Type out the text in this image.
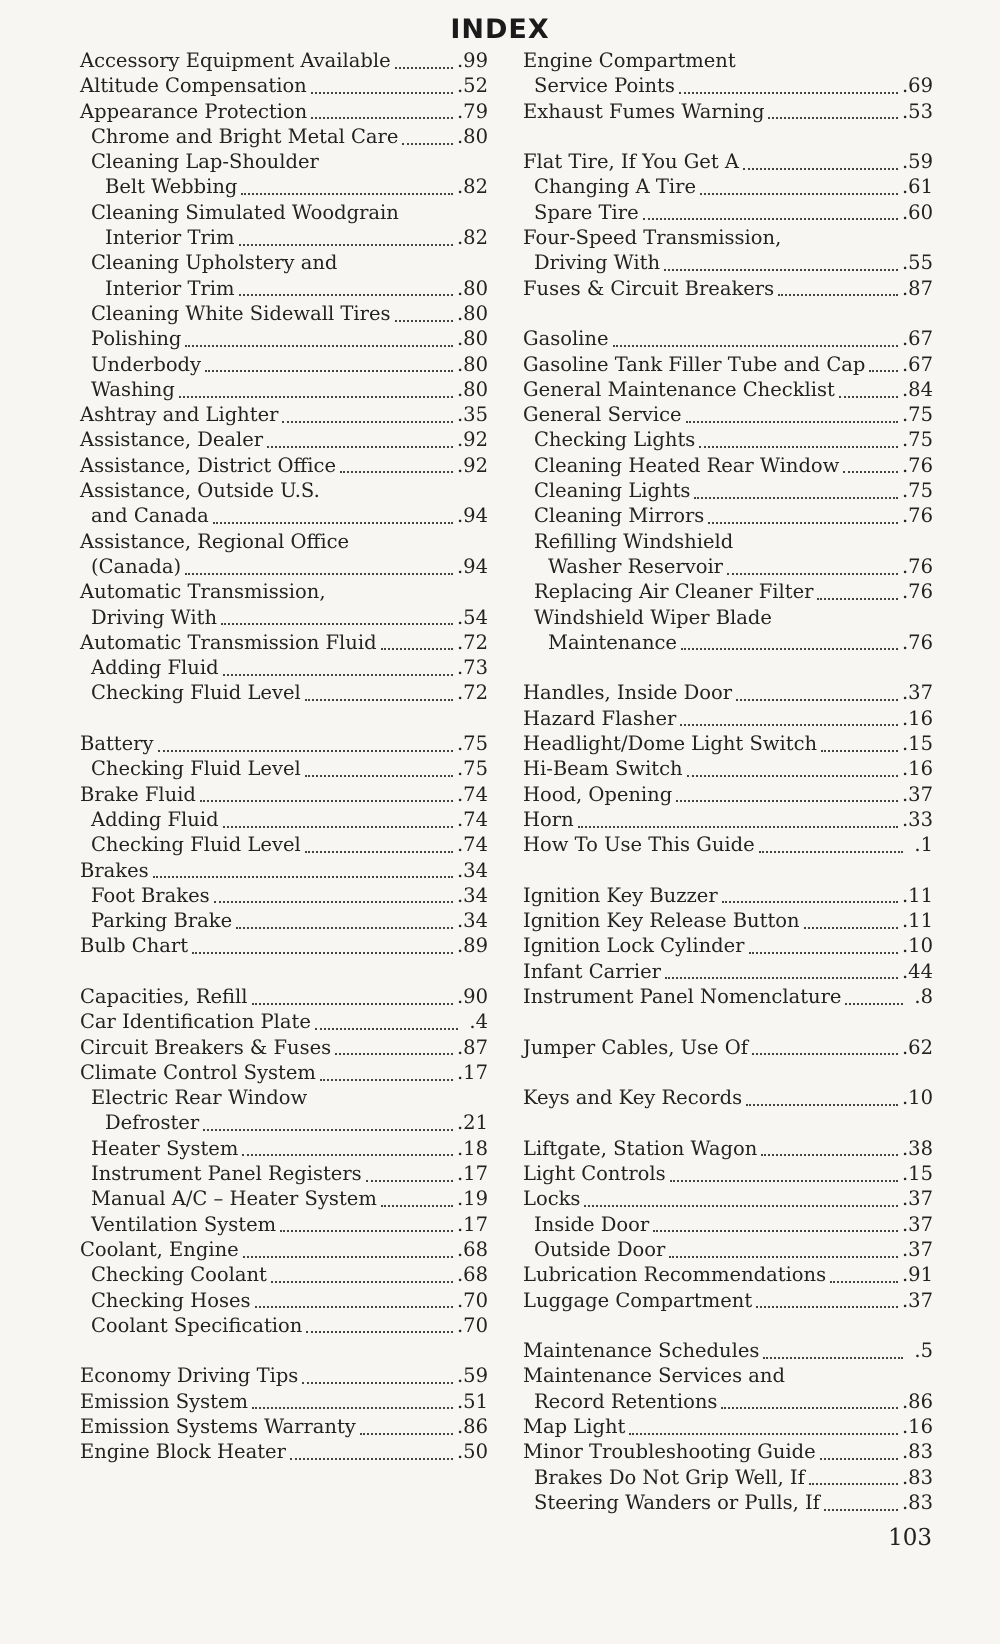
INDEX
Accessory Equipment Available	.99
Altitude Compensation	.52
Appearance Protection	.79
Chrome and Bright Metal Care	.80
Cleaning Lap-Shoulder
Belt Webbing	.82
Cleaning Simulated Woodgrain
Interior Trim	.82
Cleaning Upholstery and
Interior Trim	.80
Cleaning White Sidewall Tires	.80
Polishing	.80
Underbody	.80
Washing	.80
Ashtray and Lighter	.35
Assistance, Dealer	.92
Assistance, District Office	.92
Assistance, Outside U.S.
and Canada	.94
Assistance, Regional Office
(Canada)	.94
Automatic Transmission,
Driving With	.54
Automatic Transmission Fluid	.72
Adding Fluid	.73
Checking Fluid Level	.72
Battery	.75
Checking Fluid Level	.75
Brake Fluid	.74
Adding Fluid	.74
Checking Fluid Level	.74
Brakes	.34
Foot Brakes	.34
Parking Brake	.34
Bulb Chart	.89
Capacities, Refill	.90
Car Identification Plate	.4
Circuit Breakers & Fuses	.87
Climate Control System	.17
Electric Rear Window
Defroster	.21
Heater System	.18
Instrument Panel Registers	.17
Manual A/C – Heater System	.19
Ventilation System	.17
Coolant, Engine	.68
Checking Coolant	.68
Checking Hoses	.70
Coolant Specification	.70
Economy Driving Tips	.59
Emission System	.51
Emission Systems Warranty	.86
Engine Block Heater	.50
Engine Compartment
Service Points	.69
Exhaust Fumes Warning	.53
Flat Tire, If You Get A	.59
Changing A Tire	.61
Spare Tire	.60
Four-Speed Transmission,
Driving With	.55
Fuses & Circuit Breakers	.87
Gasoline	.67
Gasoline Tank Filler Tube and Cap .67
General Maintenance Checklist	.84
General Service	.75
Checking Lights	.75
Cleaning Heated Rear Window	.76
Cleaning Lights	.75
Cleaning Mirrors	.76
Refilling Windshield
Washer Reservoir	.76
Replacing Air Cleaner Filter	.76
Windshield Wiper Blade
Maintenance	.76
Handles, Inside Door	.37
Hazard Flasher	.16
Headlight/Dome Light Switch	.15
Hi-Beam Switch	.16
Hood, Opening	.37
Horn	.33
How To Use This Guide	.1
Ignition Key Buzzer	.11
Ignition Key Release Button	.11
Ignition Lock Cylinder	.10
Infant Carrier	.44
Instrument Panel Nomenclature	.8
Jumper Cables, Use Of	.62
Keys and Key Records	.10
Liftgate, Station Wagon	.38
Light Controls	.15
Locks	.37
Inside Door	.37
Outside Door	.37
Lubrication Recommendations	.91
Luggage Compartment	.37
Maintenance Schedules	.5
Maintenance Services and
Record Retentions	.86
Map Light	.16
Minor Troubleshooting Guide	.83
Brakes Do Not Grip Well, If	.83
Steering Wanders or Pulls, If	.83
103
